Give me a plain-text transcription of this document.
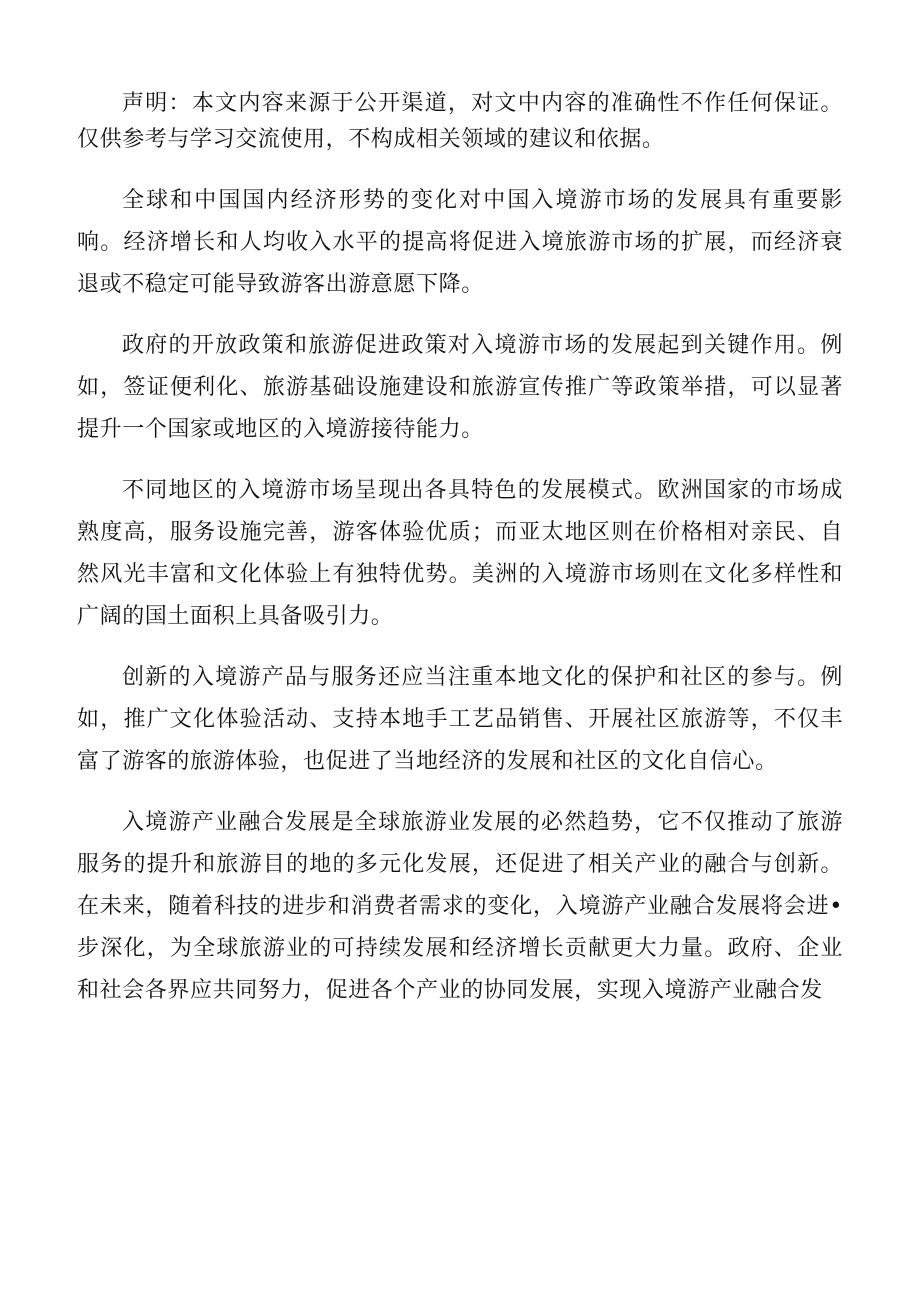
声明：本文内容来源于公开渠道，对文中内容的准确性不作任何保证。仅供参考与学习交流使用，不构成相关领域的建议和依据。

全球和中国国内经济形势的变化对中国入境游市场的发展具有重要影响。经济增长和人均收入水平的提高将促进入境旅游市场的扩展，而经济衰退或不稳定可能导致游客出游意愿下降。

政府的开放政策和旅游促进政策对入境游市场的发展起到关键作用。例如，签证便利化、旅游基础设施建设和旅游宣传推广等政策举措，可以显著提升一个国家或地区的入境游接待能力。

不同地区的入境游市场呈现出各具特色的发展模式。欧洲国家的市场成熟度高，服务设施完善，游客体验优质；而亚太地区则在价格相对亲民、自然风光丰富和文化体验上有独特优势。美洲的入境游市场则在文化多样性和广阔的国土面积上具备吸引力。

创新的入境游产品与服务还应当注重本地文化的保护和社区的参与。例如，推广文化体验活动、支持本地手工艺品销售、开展社区旅游等，不仅丰富了游客的旅游体验，也促进了当地经济的发展和社区的文化自信心。

入境游产业融合发展是全球旅游业发展的必然趋势，它不仅推动了旅游服务的提升和旅游目的地的多元化发展，还促进了相关产业的融合与创新。在未来，随着科技的进步和消费者需求的变化，入境游产业融合发展将会进•步深化，为全球旅游业的可持续发展和经济增长贡献更大力量。政府、企业和社会各界应共同努力，促进各个产业的协同发展，实现入境游产业融合发
